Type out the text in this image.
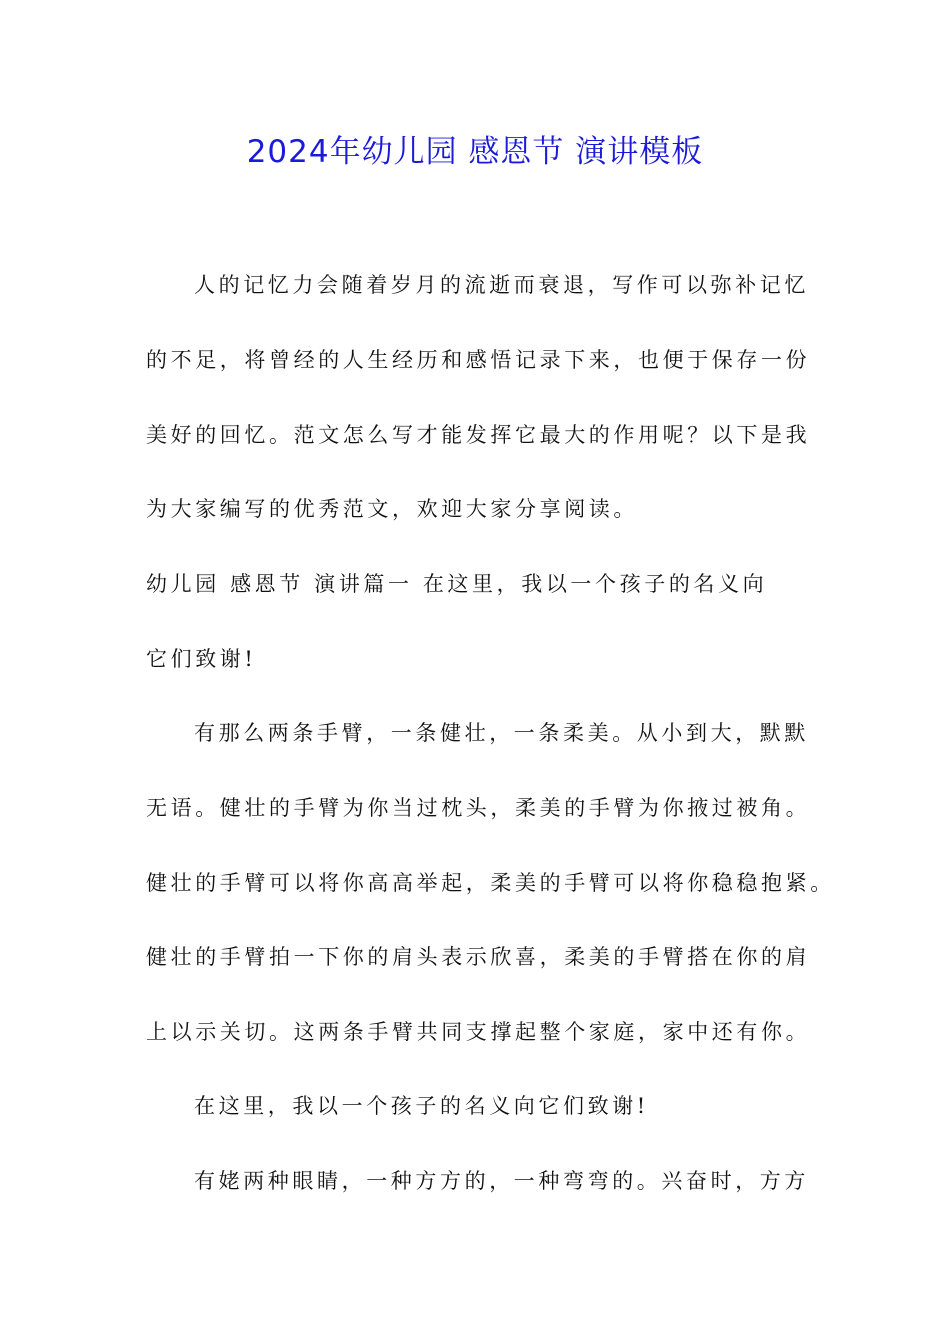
2024年幼儿园 感恩节 演讲模板

人的记忆力会随着岁月的流逝而衰退，写作可以弥补记忆

的不足，将曾经的人生经历和感悟记录下来，也便于保存一份

美好的回忆。范文怎么写才能发挥它最大的作用呢？以下是我

为大家编写的优秀范文，欢迎大家分享阅读。

幼儿园 感恩节 演讲篇一 在这里，我以一个孩子的名义向

它们致谢!

有那么两条手臂，一条健壮，一条柔美。从小到大，默默

无语。健壮的手臂为你当过枕头，柔美的手臂为你掖过被角。

健壮的手臂可以将你高高举起，柔美的手臂可以将你稳稳抱紧。

健壮的手臂拍一下你的肩头表示欣喜，柔美的手臂搭在你的肩

上以示关切。这两条手臂共同支撑起整个家庭，家中还有你。

在这里，我以一个孩子的名义向它们致谢!

有姥两种眼睛，一种方方的，一种弯弯的。兴奋时，方方
